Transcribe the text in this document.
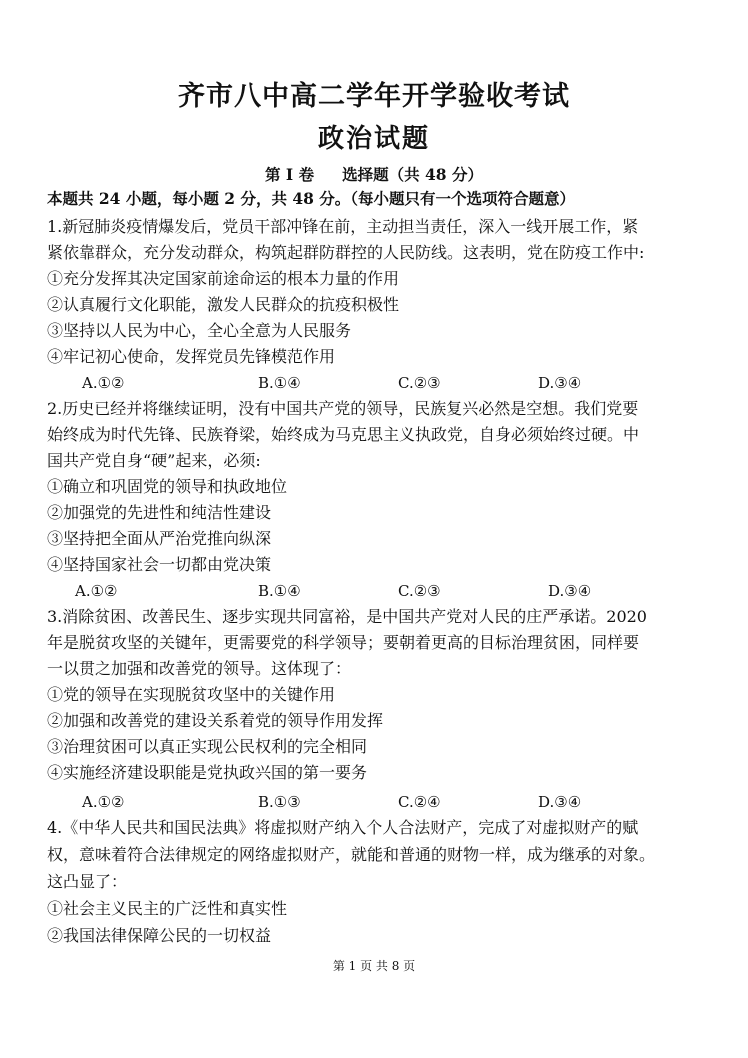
齐市八中高二学年开学验收考试
政治试题
第 I 卷 选择题（共 48 分）
本题共 24 小题，每小题 2 分，共 48 分。（每小题只有一个选项符合题意）
1.新冠肺炎疫情爆发后，党员干部冲锋在前，主动担当责任，深入一线开展工作，紧
紧依靠群众，充分发动群众，构筑起群防群控的人民防线。这表明，党在防疫工作中:
①充分发挥其决定国家前途命运的根本力量的作用
②认真履行文化职能，激发人民群众的抗疫积极性
③坚持以人民为中心，全心全意为人民服务
④牢记初心使命，发挥党员先锋模范作用
A.①②	B.①④	C.②③	D.③④
2.历史已经并将继续证明，没有中国共产党的领导，民族复兴必然是空想。我们党要
始终成为时代先锋、民族脊梁，始终成为马克思主义执政党，自身必须始终过硬。中
国共产党自身“硬”起来，必须:
①确立和巩固党的领导和执政地位
②加强党的先进性和纯洁性建设
③坚持把全面从严治党推向纵深
④坚持国家社会一切都由党决策
A.①②	B.①④	C.②③	D.③④
3.消除贫困、改善民生、逐步实现共同富裕，是中国共产党对人民的庄严承诺。2020
年是脱贫攻坚的关键年，更需要党的科学领导；要朝着更高的目标治理贫困，同样要
一以贯之加强和改善党的领导。这体现了：
①党的领导在实现脱贫攻坚中的关键作用
②加强和改善党的建设关系着党的领导作用发挥
③治理贫困可以真正实现公民权利的完全相同
④实施经济建设职能是党执政兴国的第一要务
A.①②	B.①③	C.②④	D.③④
4.《中华人民共和国民法典》将虚拟财产纳入个人合法财产，完成了对虚拟财产的赋
权，意味着符合法律规定的网络虚拟财产，就能和普通的财物一样，成为继承的对象。
这凸显了：
①社会主义民主的广泛性和真实性
②我国法律保障公民的一切权益
第 1 页 共 8 页
